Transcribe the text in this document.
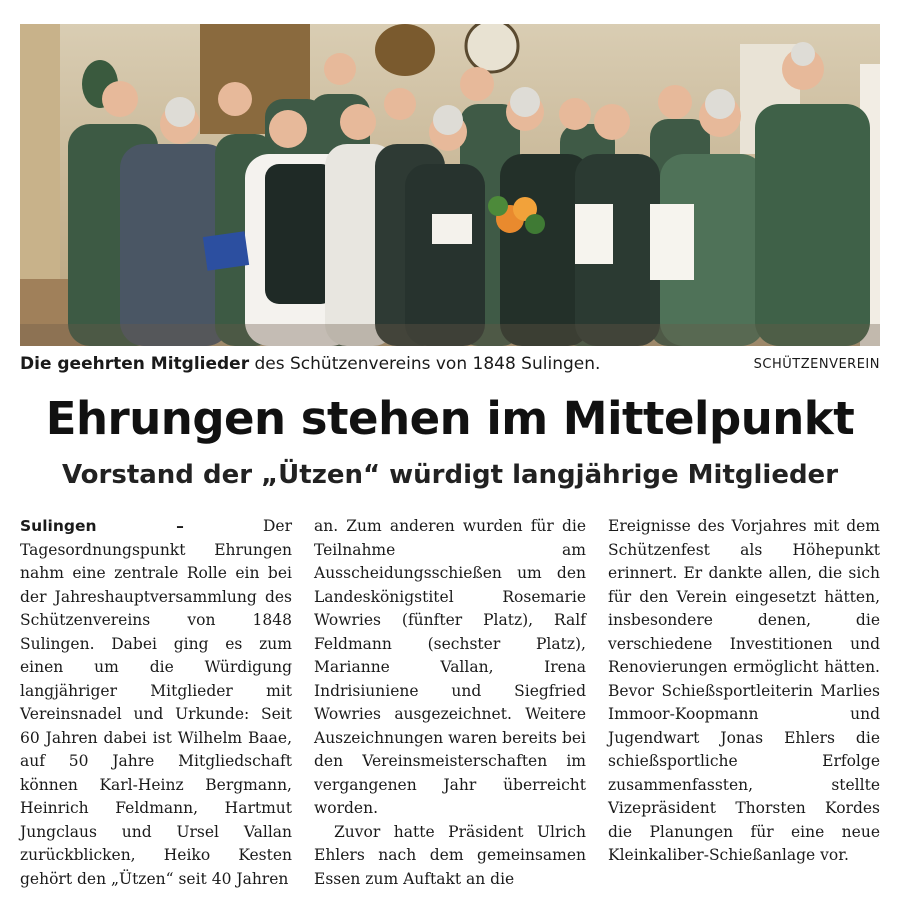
Die geehrten Mitglieder des Schützenvereins von 1848 Sulingen.	SCHÜTZENVEREIN
Ehrungen stehen im Mittelpunkt
Vorstand der „Ützen“ würdigt langjährige Mitglieder

Sulingen – Der Tagesordnungspunkt Ehrungen nahm eine zentrale Rolle ein bei der Jahreshauptversammlung des Schützenvereins von 1848 Sulingen. Dabei ging es zum einen um die Würdigung langjähriger Mitglieder mit Vereinsnadel und Urkunde: Seit 60 Jahren dabei ist Wilhelm Baae, auf 50 Jahre Mitgliedschaft können Karl-Heinz Bergmann, Heinrich Feldmann, Hartmut Jungclaus und Ursel Vallan zurückblicken, Heiko Kesten gehört den „Ützen“ seit 40 Jahren

an. Zum anderen wurden für die Teilnahme am Ausscheidungsschießen um den Landeskönigstitel Rosemarie Wowries (fünfter Platz), Ralf Feldmann (sechster Platz), Marianne Vallan, Irena Indrisiuniene und Siegfried Wowries ausgezeichnet. Weitere Auszeichnungen waren bereits bei den Vereinsmeisterschaften im vergangenen Jahr überreicht worden.

Zuvor hatte Präsident Ulrich Ehlers nach dem gemeinsamen Essen zum Auftakt an die

Ereignisse des Vorjahres mit dem Schützenfest als Höhepunkt erinnert. Er dankte allen, die sich für den Verein eingesetzt hätten, insbesondere denen, die verschiedene Investitionen und Renovierungen ermöglicht hätten. Bevor Schießsportleiterin Marlies Immoor-Koopmann und Jugendwart Jonas Ehlers die schießsportliche Erfolge zusammenfassten, stellte Vizepräsident Thorsten Kordes die Planungen für eine neue Kleinkaliber-Schießanlage vor.
